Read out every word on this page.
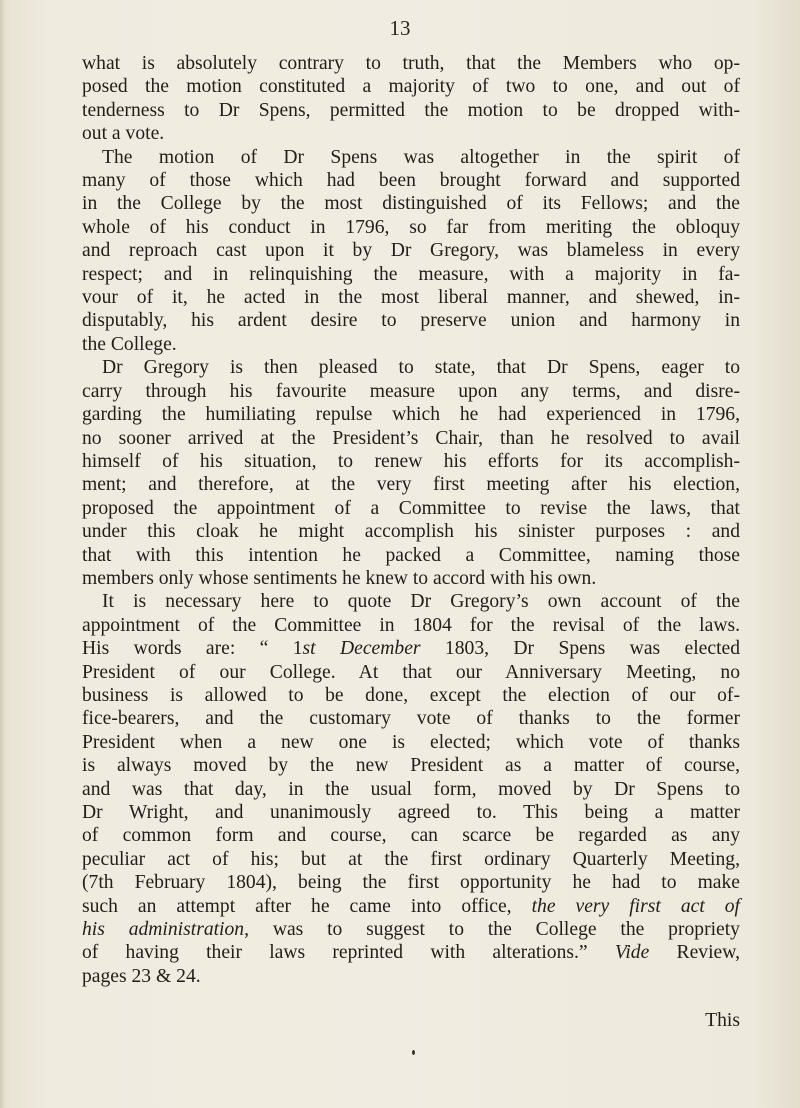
13
what is absolutely contrary to truth, that the Members who op-
posed the motion constituted a majority of two to one, and out of
tenderness to Dr Spens, permitted the motion to be dropped with-
out a vote.
The motion of Dr Spens was altogether in the spirit of
many of those which had been brought forward and supported
in the College by the most distinguished of its Fellows; and the
whole of his conduct in 1796, so far from meriting the obloquy
and reproach cast upon it by Dr Gregory, was blameless in every
respect; and in relinquishing the measure, with a majority in fa-
vour of it, he acted in the most liberal manner, and shewed, in-
disputably, his ardent desire to preserve union and harmony in
the College.
Dr Gregory is then pleased to state, that Dr Spens, eager to
carry through his favourite measure upon any terms, and disre-
garding the humiliating repulse which he had experienced in 1796,
no sooner arrived at the President’s Chair, than he resolved to avail
himself of his situation, to renew his efforts for its accomplish-
ment; and therefore, at the very first meeting after his election,
proposed the appointment of a Committee to revise the laws, that
under this cloak he might accomplish his sinister purposes : and
that with this intention he packed a Committee, naming those
members only whose sentiments he knew to accord with his own.
It is necessary here to quote Dr Gregory’s own account of the
appointment of the Committee in 1804 for the revisal of the laws.
His words are: “ 1st December 1803, Dr Spens was elected
President of our College. At that our Anniversary Meeting, no
business is allowed to be done, except the election of our of-
fice-bearers, and the customary vote of thanks to the former
President when a new one is elected; which vote of thanks
is always moved by the new President as a matter of course,
and was that day, in the usual form, moved by Dr Spens to
Dr Wright, and unanimously agreed to. This being a matter
of common form and course, can scarce be regarded as any
peculiar act of his; but at the first ordinary Quarterly Meeting,
(7th February 1804), being the first opportunity he had to make
such an attempt after he came into office, the very first act of
his administration, was to suggest to the College the propriety
of having their laws reprinted with alterations.” Vide Review,
pages 23 & 24.
This
